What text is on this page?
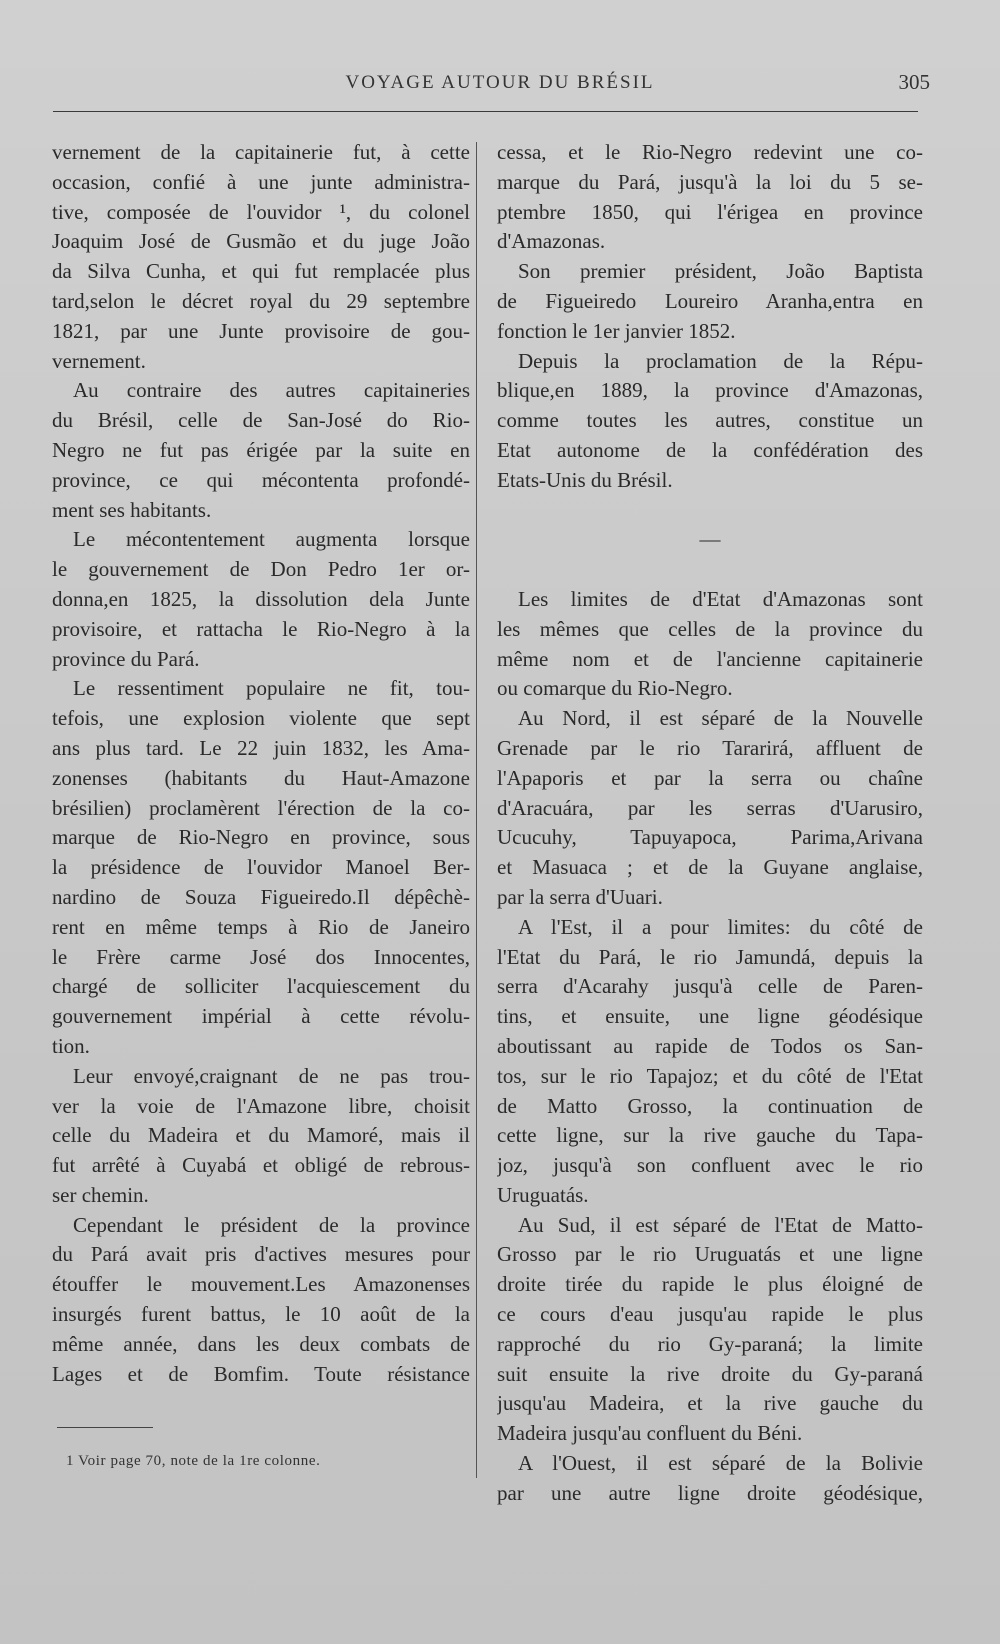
VOYAGE AUTOUR DU BRÉSIL	305
vernement de la capitainerie fut, à cette
occasion, confié à une junte administra-
tive, composée de l'ouvidor ¹, du colonel
Joaquim José de Gusmão et du juge João
da Silva Cunha, et qui fut remplacée plus
tard,selon le décret royal du 29 septembre
1821, par une Junte provisoire de gou-
vernement.
Au contraire des autres capitaineries
du Brésil, celle de San-José do Rio-
Negro ne fut pas érigée par la suite en
province, ce qui mécontenta profondé-
ment ses habitants.
Le mécontentement augmenta lorsque
le gouvernement de Don Pedro 1er or-
donna,en 1825, la dissolution dela Junte
provisoire, et rattacha le Rio-Negro à la
province du Pará.
Le ressentiment populaire ne fit, tou-
tefois, une explosion violente que sept
ans plus tard. Le 22 juin 1832, les Ama-
zonenses (habitants du Haut-Amazone
brésilien) proclamèrent l'érection de la co-
marque de Rio-Negro en province, sous
la présidence de l'ouvidor Manoel Ber-
nardino de Souza Figueiredo.Il dépêchè-
rent en même temps à Rio de Janeiro
le Frère carme José dos Innocentes,
chargé de solliciter l'acquiescement du
gouvernement impérial à cette révolu-
tion.
Leur envoyé,craignant de ne pas trou-
ver la voie de l'Amazone libre, choisit
celle du Madeira et du Mamoré, mais il
fut arrêté à Cuyabá et obligé de rebrous-
ser chemin.
Cependant le président de la province
du Pará avait pris d'actives mesures pour
étouffer le mouvement.Les Amazonenses
insurgés furent battus, le 10 août de la
même année, dans les deux combats de
Lages et de Bomfim. Toute résistance
cessa, et le Rio-Negro redevint une co-
marque du Pará, jusqu'à la loi du 5 se-
ptembre 1850, qui l'érigea en province
d'Amazonas.
Son premier président, João Baptista
de Figueiredo Loureiro Aranha,entra en
fonction le 1er janvier 1852.
Depuis la proclamation de la Répu-
blique,en 1889, la province d'Amazonas,
comme toutes les autres, constitue un
Etat autonome de la confédération des
Etats-Unis du Brésil.
—
Les limites de d'Etat d'Amazonas sont
les mêmes que celles de la province du
même nom et de l'ancienne capitainerie
ou comarque du Rio-Negro.
Au Nord, il est séparé de la Nouvelle
Grenade par le rio Tararirá, affluent de
l'Apaporis et par la serra ou chaîne
d'Aracuára, par les serras d'Uarusiro,
Ucucuhy, Tapuyapoca, Parima,Arivana
et Masuaca ; et de la Guyane anglaise,
par la serra d'Uuari.
A l'Est, il a pour limites: du côté de
l'Etat du Pará, le rio Jamundá, depuis la
serra d'Acarahy jusqu'à celle de Paren-
tins, et ensuite, une ligne géodésique
aboutissant au rapide de Todos os San-
tos, sur le rio Tapajoz; et du côté de l'Etat
de Matto Grosso, la continuation de
cette ligne, sur la rive gauche du Tapa-
joz, jusqu'à son confluent avec le rio
Uruguatás.
Au Sud, il est séparé de l'Etat de Matto-
Grosso par le rio Uruguatás et une ligne
droite tirée du rapide le plus éloigné de
ce cours d'eau jusqu'au rapide le plus
rapproché du rio Gy-paraná; la limite
suit ensuite la rive droite du Gy-paraná
jusqu'au Madeira, et la rive gauche du
Madeira jusqu'au confluent du Béni.
A l'Ouest, il est séparé de la Bolivie
par une autre ligne droite géodésique,
1 Voir page 70, note de la 1re colonne.
